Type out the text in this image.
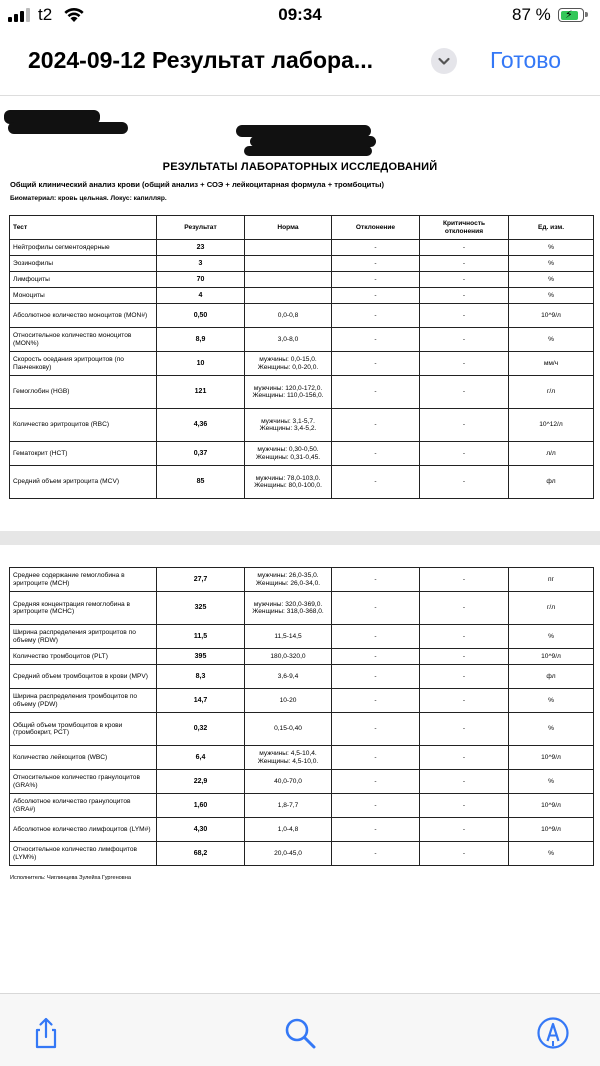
t2	09:34	87 % ⚡
2024-09-12 Результат лабора...	Готово
РЕЗУЛЬТАТЫ ЛАБОРАТОРНЫХ ИССЛЕДОВАНИЙ
Общий клинический анализ крови (общий анализ + СОЭ + лейкоцитарная формула + тромбоциты)
Биоматериал: кровь цельная. Локус: капилляр.
Тест	Результат	Норма	Отклонение	Критичность отклонения	Ед. изм.
Нейтрофилы сегментоядерные	23		-	-	%
Эозинофилы	3		-	-	%
Лимфоциты	70		-	-	%
Моноциты	4		-	-	%
Абсолютное количество моноцитов (MON#)	0,50	0,0-0,8	-	-	10^9/л
Относительное количество моноцитов (MON%)	8,9	3,0-8,0	-	-	%
Скорость оседания эритроцитов (по Панченкову)	10	мужчины: 0,0-15,0. Женщины: 0,0-20,0.	-	-	мм/ч
Гемоглобин (HGB)	121	мужчины: 120,0-172,0. Женщины: 110,0-156,0.	-	-	г/л
Количество эритроцитов (RBC)	4,36	мужчины: 3,1-5,7. Женщины: 3,4-5,2.	-	-	10^12/л
Гематокрит (HCT)	0,37	мужчины: 0,30-0,50. Женщины: 0,31-0,45.	-	-	л/л
Средний объем эритроцита (MCV)	85	мужчины: 78,0-103,0. Женщины: 80,0-100,0.	-	-	фл
Среднее содержание гемоглобина в эритроците (MCH)	27,7	мужчины: 26,0-35,0. Женщины: 26,0-34,0.	-	-	пг
Средняя концентрация гемоглобина в эритроците (MCHC)	325	мужчины: 320,0-369,0. Женщины: 318,0-368,0.	-	-	г/л
Ширина распределения эритроцитов по объему (RDW)	11,5	11,5-14,5	-	-	%
Количество тромбоцитов (PLT)	395	180,0-320,0	-	-	10^9/л
Средний объем тромбоцитов в крови (MPV)	8,3	3,6-9,4	-	-	фл
Ширина распределения тромбоцитов по объему (PDW)	14,7	10-20	-	-	%
Общий объем тромбоцитов в крови (тромбокрит, PCT)	0,32	0,15-0,40	-	-	%
Количество лейкоцитов (WBC)	6,4	мужчины: 4,5-10,4. Женщины: 4,5-10,0.	-	-	10^9/л
Относительное количество гранулоцитов (GRA%)	22,9	40,0-70,0	-	-	%
Абсолютное количество гранулоцитов (GRA#)	1,60	1,8-7,7	-	-	10^9/л
Абсолютное количество лимфоцитов (LYM#)	4,30	1,0-4,8	-	-	10^9/л
Относительное количество лимфоцитов (LYM%)	68,2	20,0-45,0	-	-	%
Исполнитель: Чиглинцева Зулейха Гургеновна
